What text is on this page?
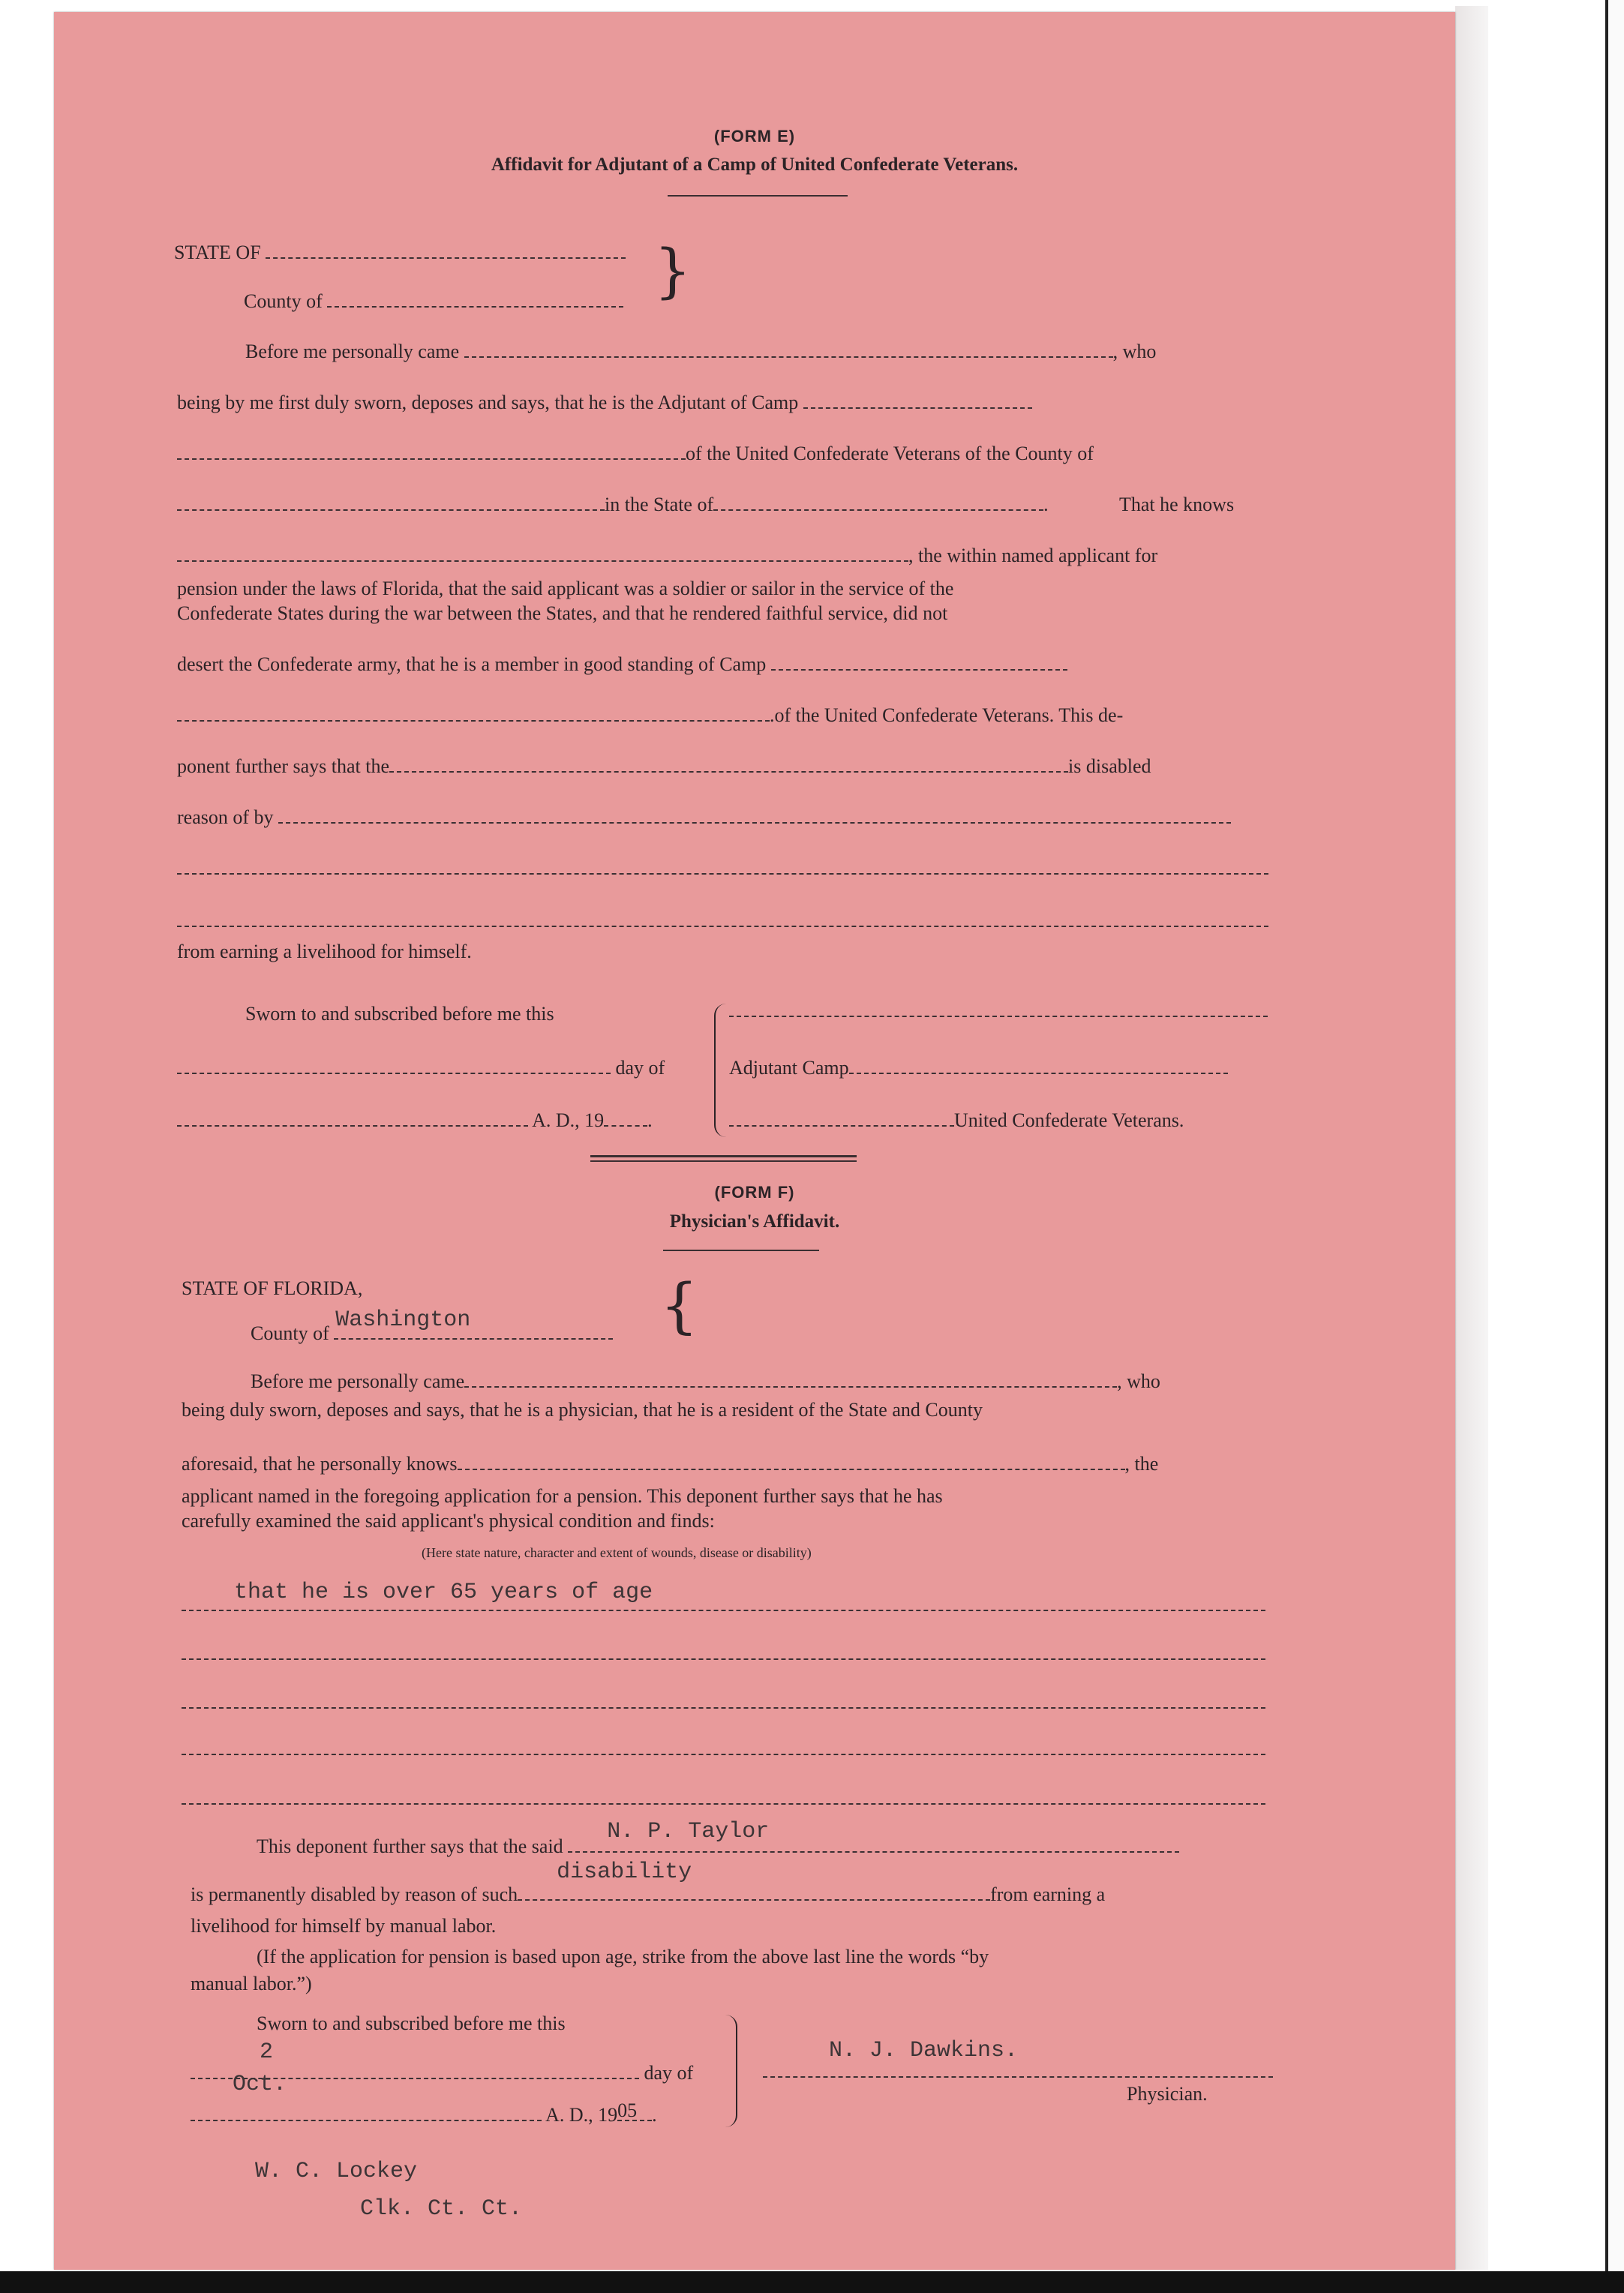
(FORM E)
Affidavit for Adjutant of a Camp of United Confederate Veterans.
STATE OF
County of	}
Before me personally came	, who
being by me first duly sworn, deposes and says, that he is the Adjutant of Camp
of the United Confederate Veterans of the County of
in the State of	.	That he knows
, the within named applicant for
pension under the laws of Florida, that the said applicant was a soldier or sailor in the service of the
Confederate States during the war between the States, and that he rendered faithful service, did not
desert the Confederate army, that he is a member in good standing of Camp
.of the United Confederate Veterans. This de-
ponent further says that the	is disabled
reason of by
from earning a livelihood for himself.
Sworn to and subscribed before me this
day of
A. D., 19 .
Adjutant Camp
United Confederate Veterans.
(FORM F)
Physician's Affidavit.
STATE OF FLORIDA,
County of
Washington	{
Before me personally came	, who
being duly sworn, deposes and says, that he is a physician, that he is a resident of the State and County
aforesaid, that he personally knows	, the
applicant named in the foregoing application for a pension. This deponent further says that he has
carefully examined the said applicant's physical condition and finds:
(Here state nature, character and extent of wounds, disease or disability)
that he is over 65 years of age
This deponent further says that the said
N. P. Taylor
is permanently disabled by reason of such
disability
from earning a
livelihood for himself by manual labor.
(If the application for pension is based upon age, strike from the above last line the words “by
manual labor.”)
Sworn to and subscribed before me this
2
day of
Oct.
A. D., 19 05 .
N. J. Dawkins.
Physician.
W. C. Lockey
Clk. Ct. Ct.
